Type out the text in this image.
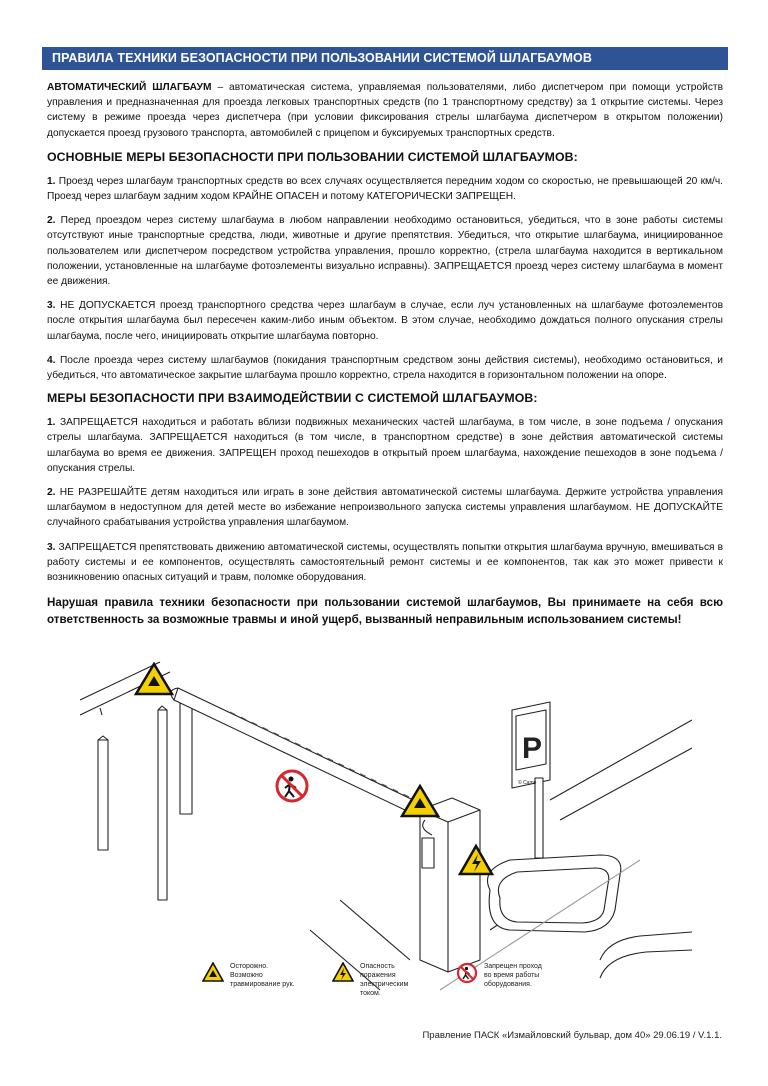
ПРАВИЛА ТЕХНИКИ БЕЗОПАСНОСТИ ПРИ ПОЛЬЗОВАНИИ СИСТЕМОЙ ШЛАГБАУМОВ

АВТОМАТИЧЕСКИЙ ШЛАГБАУМ – автоматическая система, управляемая пользователями, либо диспетчером при помощи устройств управления и предназначенная для проезда легковых транспортных средств (по 1 транспортному средству) за 1 открытие системы. Через систему в режиме проезда через диспетчера (при условии фиксирования стрелы шлагбаума диспетчером в открытом положении) допускается проезд грузового транспорта, автомобилей с прицепом и буксируемых транспортных средств.

ОСНОВНЫЕ МЕРЫ БЕЗОПАСНОСТИ ПРИ ПОЛЬЗОВАНИИ СИСТЕМОЙ ШЛАГБАУМОВ:

1. Проезд через шлагбаум транспортных средств во всех случаях осуществляется передним ходом со скоростью, не превышающей 20 км/ч. Проезд через шлагбаум задним ходом КРАЙНЕ ОПАСЕН и потому КАТЕГОРИЧЕСКИ ЗАПРЕЩЕН.

2. Перед проездом через систему шлагбаума в любом направлении необходимо остановиться, убедиться, что в зоне работы системы отсутствуют иные транспортные средства, люди, животные и другие препятствия. Убедиться, что открытие шлагбаума, инициированное пользователем или диспетчером посредством устройства управления, прошло корректно, (стрела шлагбаума находится в вертикальном положении, установленные на шлагбауме фотоэлементы визуально исправны). ЗАПРЕЩАЕТСЯ проезд через систему шлагбаума в момент ее движения.

3. НЕ ДОПУСКАЕТСЯ проезд транспортного средства через шлагбаум в случае, если луч установленных на шлагбауме фотоэлементов после открытия шлагбаума был пересечен каким-либо иным объектом. В этом случае, необходимо дождаться полного опускания стрелы шлагбаума, после чего, инициировать открытие шлагбаума повторно.

4. После проезда через систему шлагбаумов (покидания транспортным средством зоны действия системы), необходимо остановиться, и убедиться, что автоматическое закрытие шлагбаума прошло корректно, стрела находится в горизонтальном положении на опоре.

МЕРЫ БЕЗОПАСНОСТИ ПРИ ВЗАИМОДЕЙСТВИИ С СИСТЕМОЙ ШЛАГБАУМОВ:

1. ЗАПРЕЩАЕТСЯ находиться и работать вблизи подвижных механических частей шлагбаума, в том числе, в зоне подъема / опускания стрелы шлагбаума. ЗАПРЕЩАЕТСЯ находиться (в том числе, в транспортном средстве) в зоне действия автоматической системы шлагбаума во время ее движения. ЗАПРЕЩЕН проход пешеходов в открытый проем шлагбаума, нахождение пешеходов в зоне подъема / опускания стрелы.

2. НЕ РАЗРЕШАЙТЕ детям находиться или играть в зоне действия автоматической системы шлагбаума. Держите устройства управления шлагбаумом в недоступном для детей месте во избежание непроизвольного запуска системы управления шлагбаумом. НЕ ДОПУСКАЙТЕ случайного срабатывания устройства управления шлагбаумом.

3. ЗАПРЕЩАЕТСЯ препятствовать движению автоматической системы, осуществлять попытки открытия шлагбаума вручную, вмешиваться в работу системы и ее компонентов, осуществлять самостоятельный ремонт системы и ее компонентов, так как это может привести к возникновению опасных ситуаций и травм, поломке оборудования.

Нарушая правила техники безопасности при пользовании системой шлагбаумов, Вы принимаете на себя всю ответственность за возможные травмы и иной ущерб, вызванный неправильным использованием системы!

P
© Came
Осторожно. Возможно травмирование рук.
Опасность поражения электрическим током.
Запрещен проход во время работы оборудования.
Правление ПАСК «Измайловский бульвар, дом 40» 29.06.19 / V.1.1.
